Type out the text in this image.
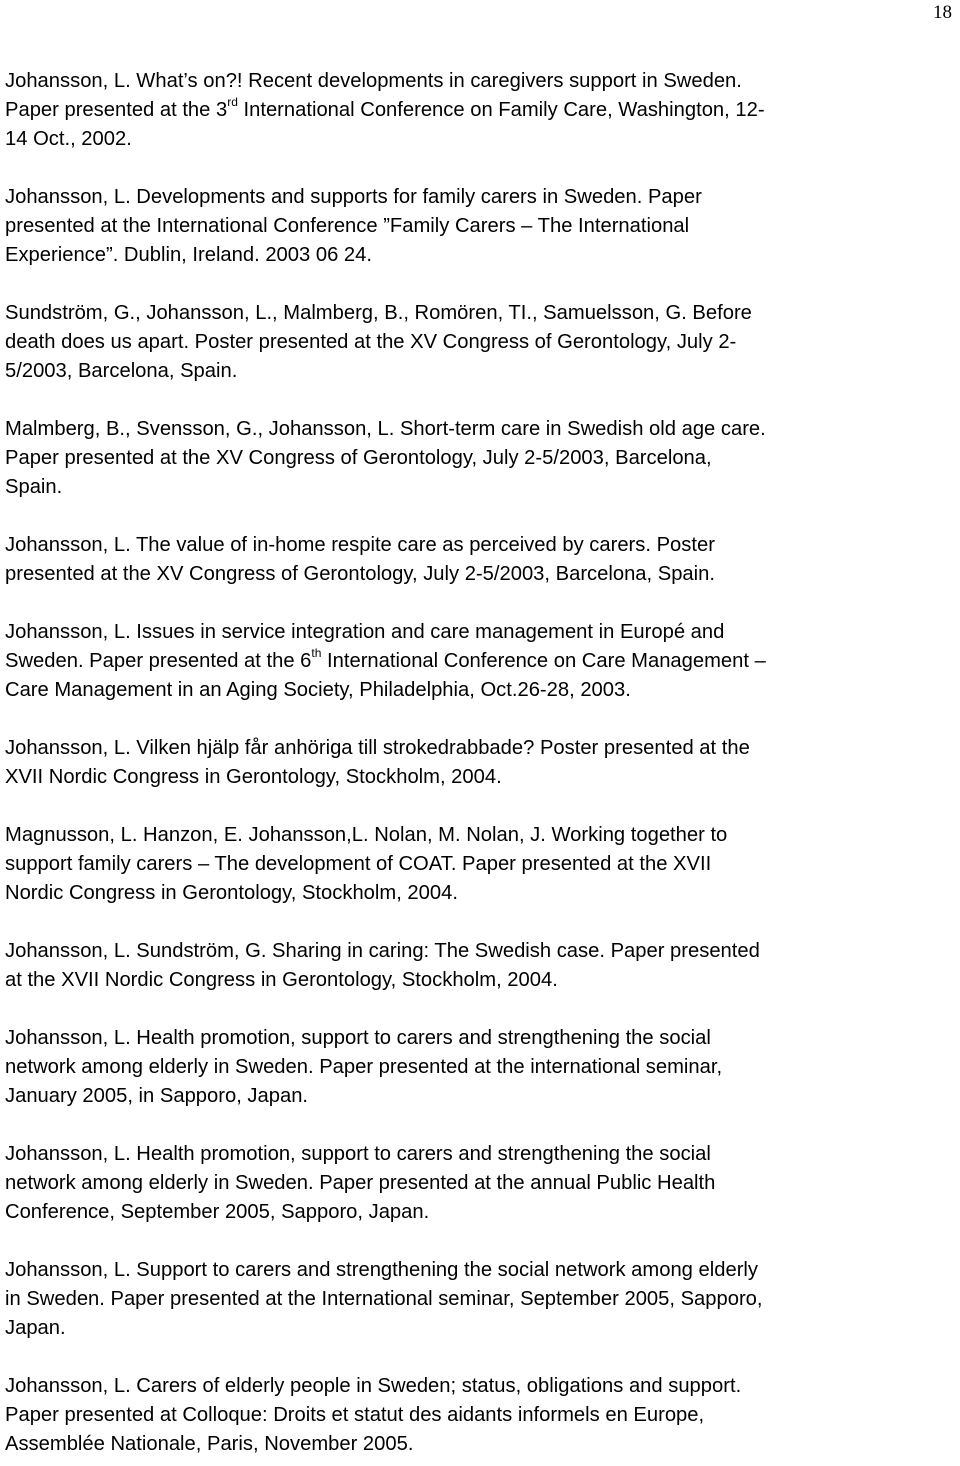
18
Johansson, L. What’s on?! Recent developments in caregivers support in Sweden.
Paper presented at the 3rd International Conference on Family Care, Washington, 12-
14 Oct., 2002.
Johansson, L. Developments and supports for family carers in Sweden. Paper
presented at the International Conference ”Family Carers – The International
Experience”. Dublin, Ireland. 2003 06 24.
Sundström, G., Johansson, L., Malmberg, B., Romören, TI., Samuelsson, G. Before
death does us apart. Poster presented at the XV Congress of Gerontology, July 2-
5/2003, Barcelona, Spain.
Malmberg, B., Svensson, G., Johansson, L. Short-term care in Swedish old age care.
Paper presented at the XV Congress of Gerontology, July 2-5/2003, Barcelona,
Spain.
Johansson, L. The value of in-home respite care as perceived by carers. Poster
presented at the XV Congress of Gerontology, July 2-5/2003, Barcelona, Spain.
Johansson, L. Issues in service integration and care management in Europé and
Sweden. Paper presented at the 6th International Conference on Care Management –
Care Management in an Aging Society, Philadelphia, Oct.26-28, 2003.
Johansson, L. Vilken hjälp får anhöriga till strokedrabbade? Poster presented at the
XVII Nordic Congress in Gerontology, Stockholm, 2004.
Magnusson, L. Hanzon, E. Johansson,L. Nolan, M. Nolan, J. Working together to
support family carers – The development of COAT. Paper presented at the XVII
Nordic Congress in Gerontology, Stockholm, 2004.
Johansson, L. Sundström, G. Sharing in caring: The Swedish case. Paper presented
at the XVII Nordic Congress in Gerontology, Stockholm, 2004.
Johansson, L. Health promotion, support to carers and strengthening the social
network among elderly in Sweden. Paper presented at the international seminar,
January 2005, in Sapporo, Japan.
Johansson, L. Health promotion, support to carers and strengthening the social
network among elderly in Sweden. Paper presented at the annual Public Health
Conference, September 2005, Sapporo, Japan.
Johansson, L. Support to carers and strengthening the social network among elderly
in Sweden. Paper presented at the International seminar, September 2005, Sapporo,
Japan.
Johansson, L. Carers of elderly people in Sweden; status, obligations and support.
Paper presented at Colloque: Droits et statut des aidants informels en Europe,
Assemblée Nationale, Paris, November 2005.
